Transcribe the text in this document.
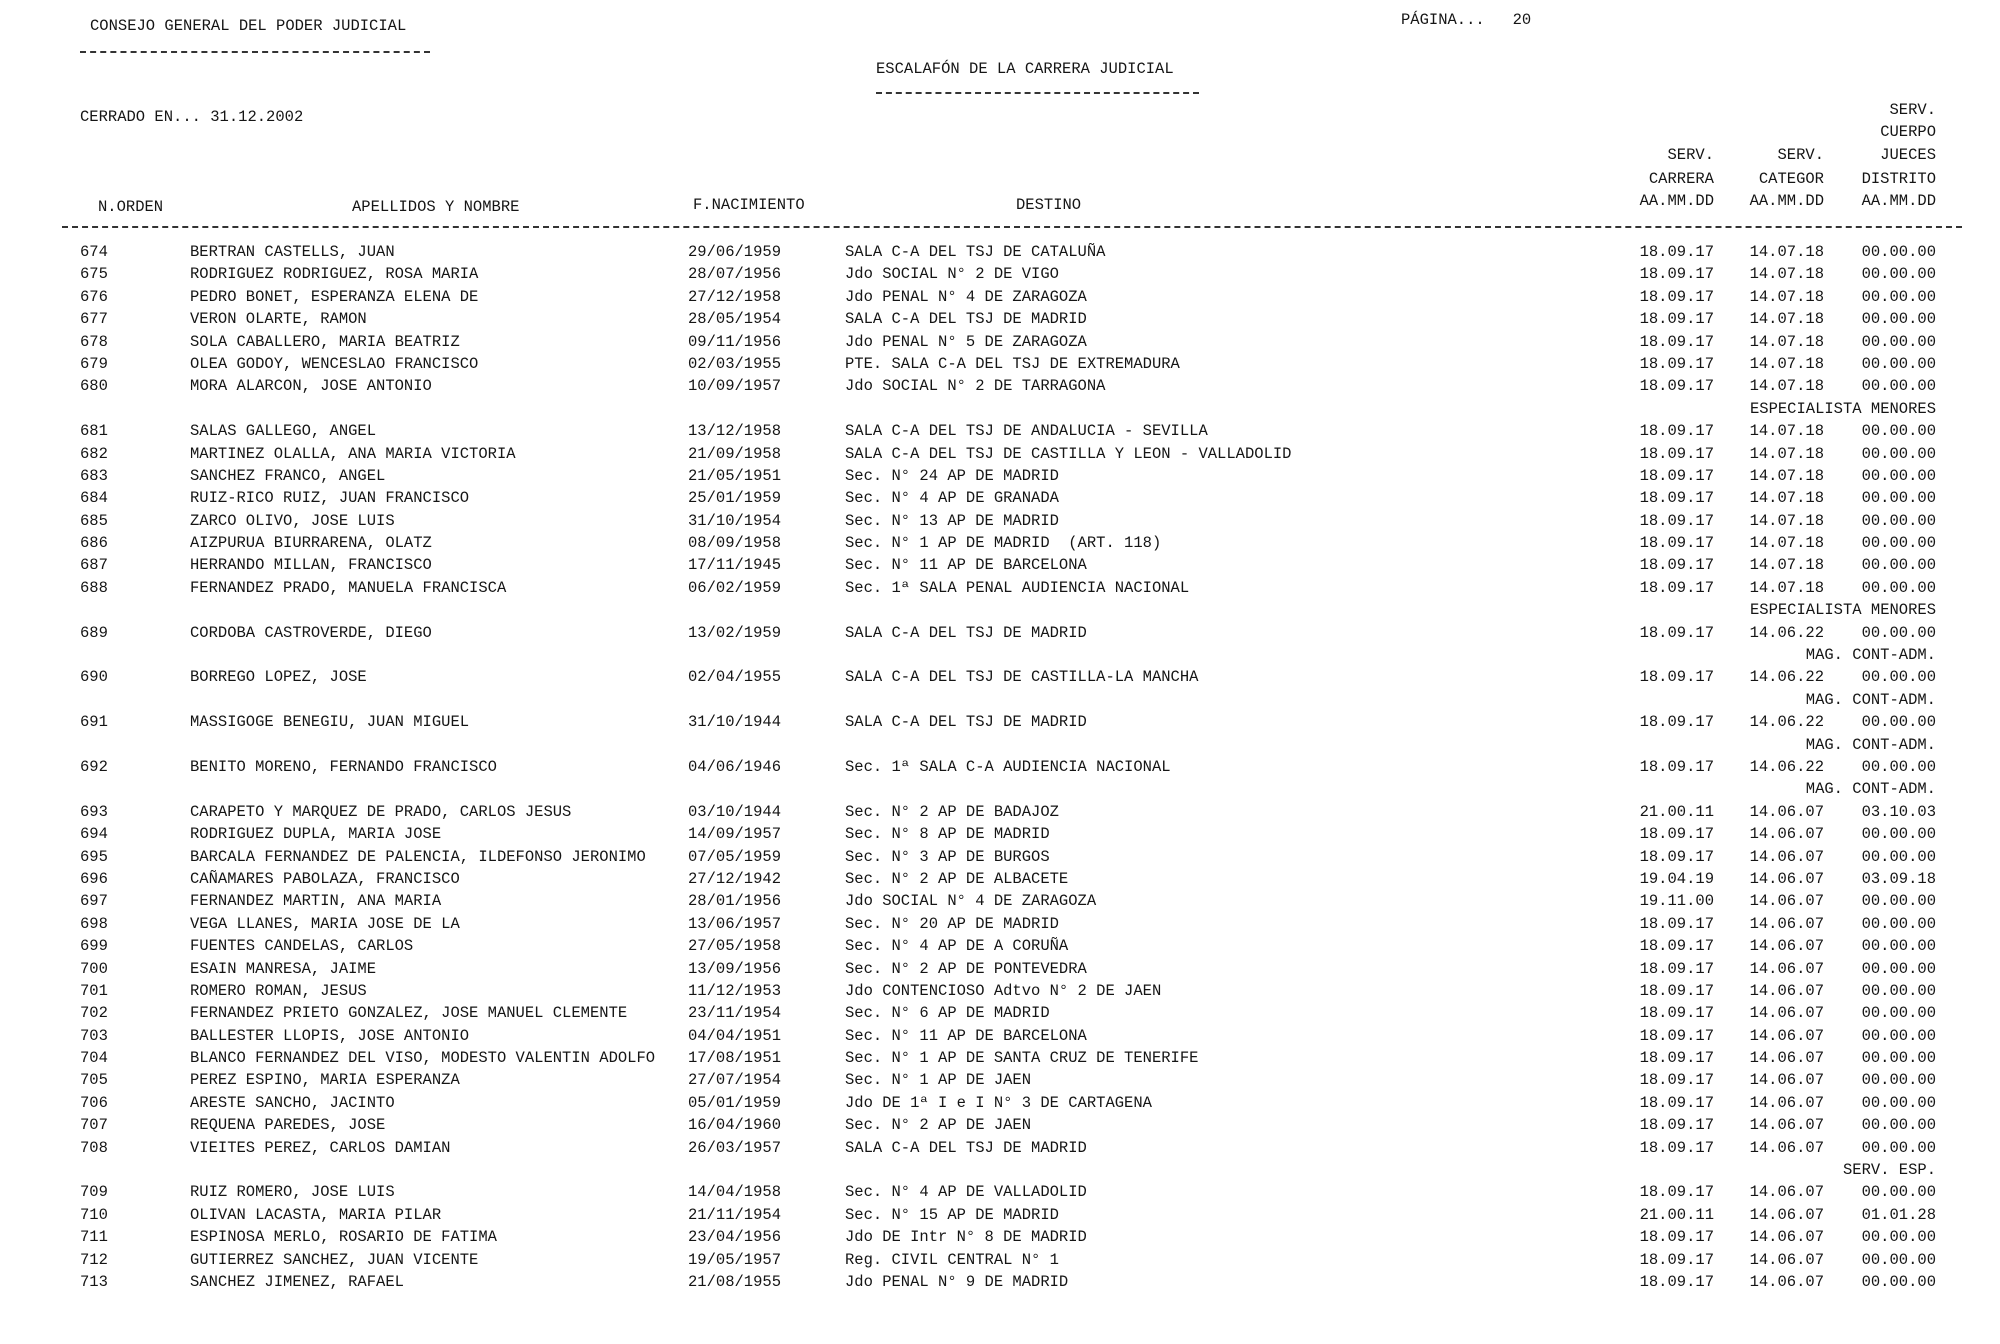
CONSEJO GENERAL DEL PODER JUDICIAL	PÁGINA... 20
ESCALAFÓN DE LA CARRERA JUDICIAL
CERRADO EN... 31.12.2002
N.ORDEN	APELLIDOS Y NOMBRE	F.NACIMIENTO	DESTINO
SERV.
CARRERA
AA.MM.DD
SERV.
CATEGOR
AA.MM.DD
SERV.
CUERPO
JUECES
DISTRITO
AA.MM.DD
674	BERTRAN CASTELLS, JUAN	29/06/1959	SALA C-A DEL TSJ DE CATALUÑA	18.09.17 14.07.18 00.00.00
675	RODRIGUEZ RODRIGUEZ, ROSA MARIA	28/07/1956	Jdo SOCIAL N° 2 DE VIGO	18.09.17 14.07.18 00.00.00
676	PEDRO BONET, ESPERANZA ELENA DE	27/12/1958	Jdo PENAL N° 4 DE ZARAGOZA	18.09.17 14.07.18 00.00.00
677	VERON OLARTE, RAMON	28/05/1954	SALA C-A DEL TSJ DE MADRID	18.09.17 14.07.18 00.00.00
678	SOLA CABALLERO, MARIA BEATRIZ	09/11/1956	Jdo PENAL N° 5 DE ZARAGOZA	18.09.17 14.07.18 00.00.00
679	OLEA GODOY, WENCESLAO FRANCISCO	02/03/1955	PTE. SALA C-A DEL TSJ DE EXTREMADURA	18.09.17 14.07.18 00.00.00
680	MORA ALARCON, JOSE ANTONIO	10/09/1957	Jdo SOCIAL N° 2 DE TARRAGONA	18.09.17 14.07.18 00.00.00
ESPECIALISTA MENORES
681	SALAS GALLEGO, ANGEL	13/12/1958	SALA C-A DEL TSJ DE ANDALUCIA - SEVILLA	18.09.17 14.07.18 00.00.00
682	MARTINEZ OLALLA, ANA MARIA VICTORIA	21/09/1958	SALA C-A DEL TSJ DE CASTILLA Y LEON - VALLADOLID	18.09.17 14.07.18 00.00.00
683	SANCHEZ FRANCO, ANGEL	21/05/1951	Sec. N° 24 AP DE MADRID	18.09.17 14.07.18 00.00.00
684	RUIZ-RICO RUIZ, JUAN FRANCISCO	25/01/1959	Sec. N° 4 AP DE GRANADA	18.09.17 14.07.18 00.00.00
685	ZARCO OLIVO, JOSE LUIS	31/10/1954	Sec. N° 13 AP DE MADRID	18.09.17 14.07.18 00.00.00
686	AIZPURUA BIURRARENA, OLATZ	08/09/1958	Sec. N° 1 AP DE MADRID  (ART. 118)	18.09.17 14.07.18 00.00.00
687	HERRANDO MILLAN, FRANCISCO	17/11/1945	Sec. N° 11 AP DE BARCELONA	18.09.17 14.07.18 00.00.00
688	FERNANDEZ PRADO, MANUELA FRANCISCA	06/02/1959	Sec. 1ª SALA PENAL AUDIENCIA NACIONAL	18.09.17 14.07.18 00.00.00
ESPECIALISTA MENORES
689	CORDOBA CASTROVERDE, DIEGO	13/02/1959	SALA C-A DEL TSJ DE MADRID	18.09.17 14.06.22 00.00.00
MAG. CONT-ADM.
690	BORREGO LOPEZ, JOSE	02/04/1955	SALA C-A DEL TSJ DE CASTILLA-LA MANCHA	18.09.17 14.06.22 00.00.00
MAG. CONT-ADM.
691	MASSIGOGE BENEGIU, JUAN MIGUEL	31/10/1944	SALA C-A DEL TSJ DE MADRID	18.09.17 14.06.22 00.00.00
MAG. CONT-ADM.
692	BENITO MORENO, FERNANDO FRANCISCO	04/06/1946	Sec. 1ª SALA C-A AUDIENCIA NACIONAL	18.09.17 14.06.22 00.00.00
MAG. CONT-ADM.
693	CARAPETO Y MARQUEZ DE PRADO, CARLOS JESUS	03/10/1944	Sec. N° 2 AP DE BADAJOZ	21.00.11 14.06.07 03.10.03
694	RODRIGUEZ DUPLA, MARIA JOSE	14/09/1957	Sec. N° 8 AP DE MADRID	18.09.17 14.06.07 00.00.00
695	BARCALA FERNANDEZ DE PALENCIA, ILDEFONSO JERONIMO	07/05/1959	Sec. N° 3 AP DE BURGOS	18.09.17 14.06.07 00.00.00
696	CAÑAMARES PABOLAZA, FRANCISCO	27/12/1942	Sec. N° 2 AP DE ALBACETE	19.04.19 14.06.07 03.09.18
697	FERNANDEZ MARTIN, ANA MARIA	28/01/1956	Jdo SOCIAL N° 4 DE ZARAGOZA	19.11.00 14.06.07 00.00.00
698	VEGA LLANES, MARIA JOSE DE LA	13/06/1957	Sec. N° 20 AP DE MADRID	18.09.17 14.06.07 00.00.00
699	FUENTES CANDELAS, CARLOS	27/05/1958	Sec. N° 4 AP DE A CORUÑA	18.09.17 14.06.07 00.00.00
700	ESAIN MANRESA, JAIME	13/09/1956	Sec. N° 2 AP DE PONTEVEDRA	18.09.17 14.06.07 00.00.00
701	ROMERO ROMAN, JESUS	11/12/1953	Jdo CONTENCIOSO Adtvo N° 2 DE JAEN	18.09.17 14.06.07 00.00.00
702	FERNANDEZ PRIETO GONZALEZ, JOSE MANUEL CLEMENTE	23/11/1954	Sec. N° 6 AP DE MADRID	18.09.17 14.06.07 00.00.00
703	BALLESTER LLOPIS, JOSE ANTONIO	04/04/1951	Sec. N° 11 AP DE BARCELONA	18.09.17 14.06.07 00.00.00
704	BLANCO FERNANDEZ DEL VISO, MODESTO VALENTIN ADOLFO 17/08/1951	Sec. N° 1 AP DE SANTA CRUZ DE TENERIFE	18.09.17 14.06.07 00.00.00
705	PEREZ ESPINO, MARIA ESPERANZA	27/07/1954	Sec. N° 1 AP DE JAEN	18.09.17 14.06.07 00.00.00
706	ARESTE SANCHO, JACINTO	05/01/1959	Jdo DE 1ª I e I N° 3 DE CARTAGENA	18.09.17 14.06.07 00.00.00
707	REQUENA PAREDES, JOSE	16/04/1960	Sec. N° 2 AP DE JAEN	18.09.17 14.06.07 00.00.00
708	VIEITES PEREZ, CARLOS DAMIAN	26/03/1957	SALA C-A DEL TSJ DE MADRID	18.09.17 14.06.07 00.00.00
SERV. ESP.
709	RUIZ ROMERO, JOSE LUIS	14/04/1958	Sec. N° 4 AP DE VALLADOLID	18.09.17 14.06.07 00.00.00
710	OLIVAN LACASTA, MARIA PILAR	21/11/1954	Sec. N° 15 AP DE MADRID	21.00.11 14.06.07 01.01.28
711	ESPINOSA MERLO, ROSARIO DE FATIMA	23/04/1956	Jdo DE Intr N° 8 DE MADRID	18.09.17 14.06.07 00.00.00
712	GUTIERREZ SANCHEZ, JUAN VICENTE	19/05/1957	Reg. CIVIL CENTRAL N° 1	18.09.17 14.06.07 00.00.00
713	SANCHEZ JIMENEZ, RAFAEL	21/08/1955	Jdo PENAL N° 9 DE MADRID	18.09.17 14.06.07 00.00.00
